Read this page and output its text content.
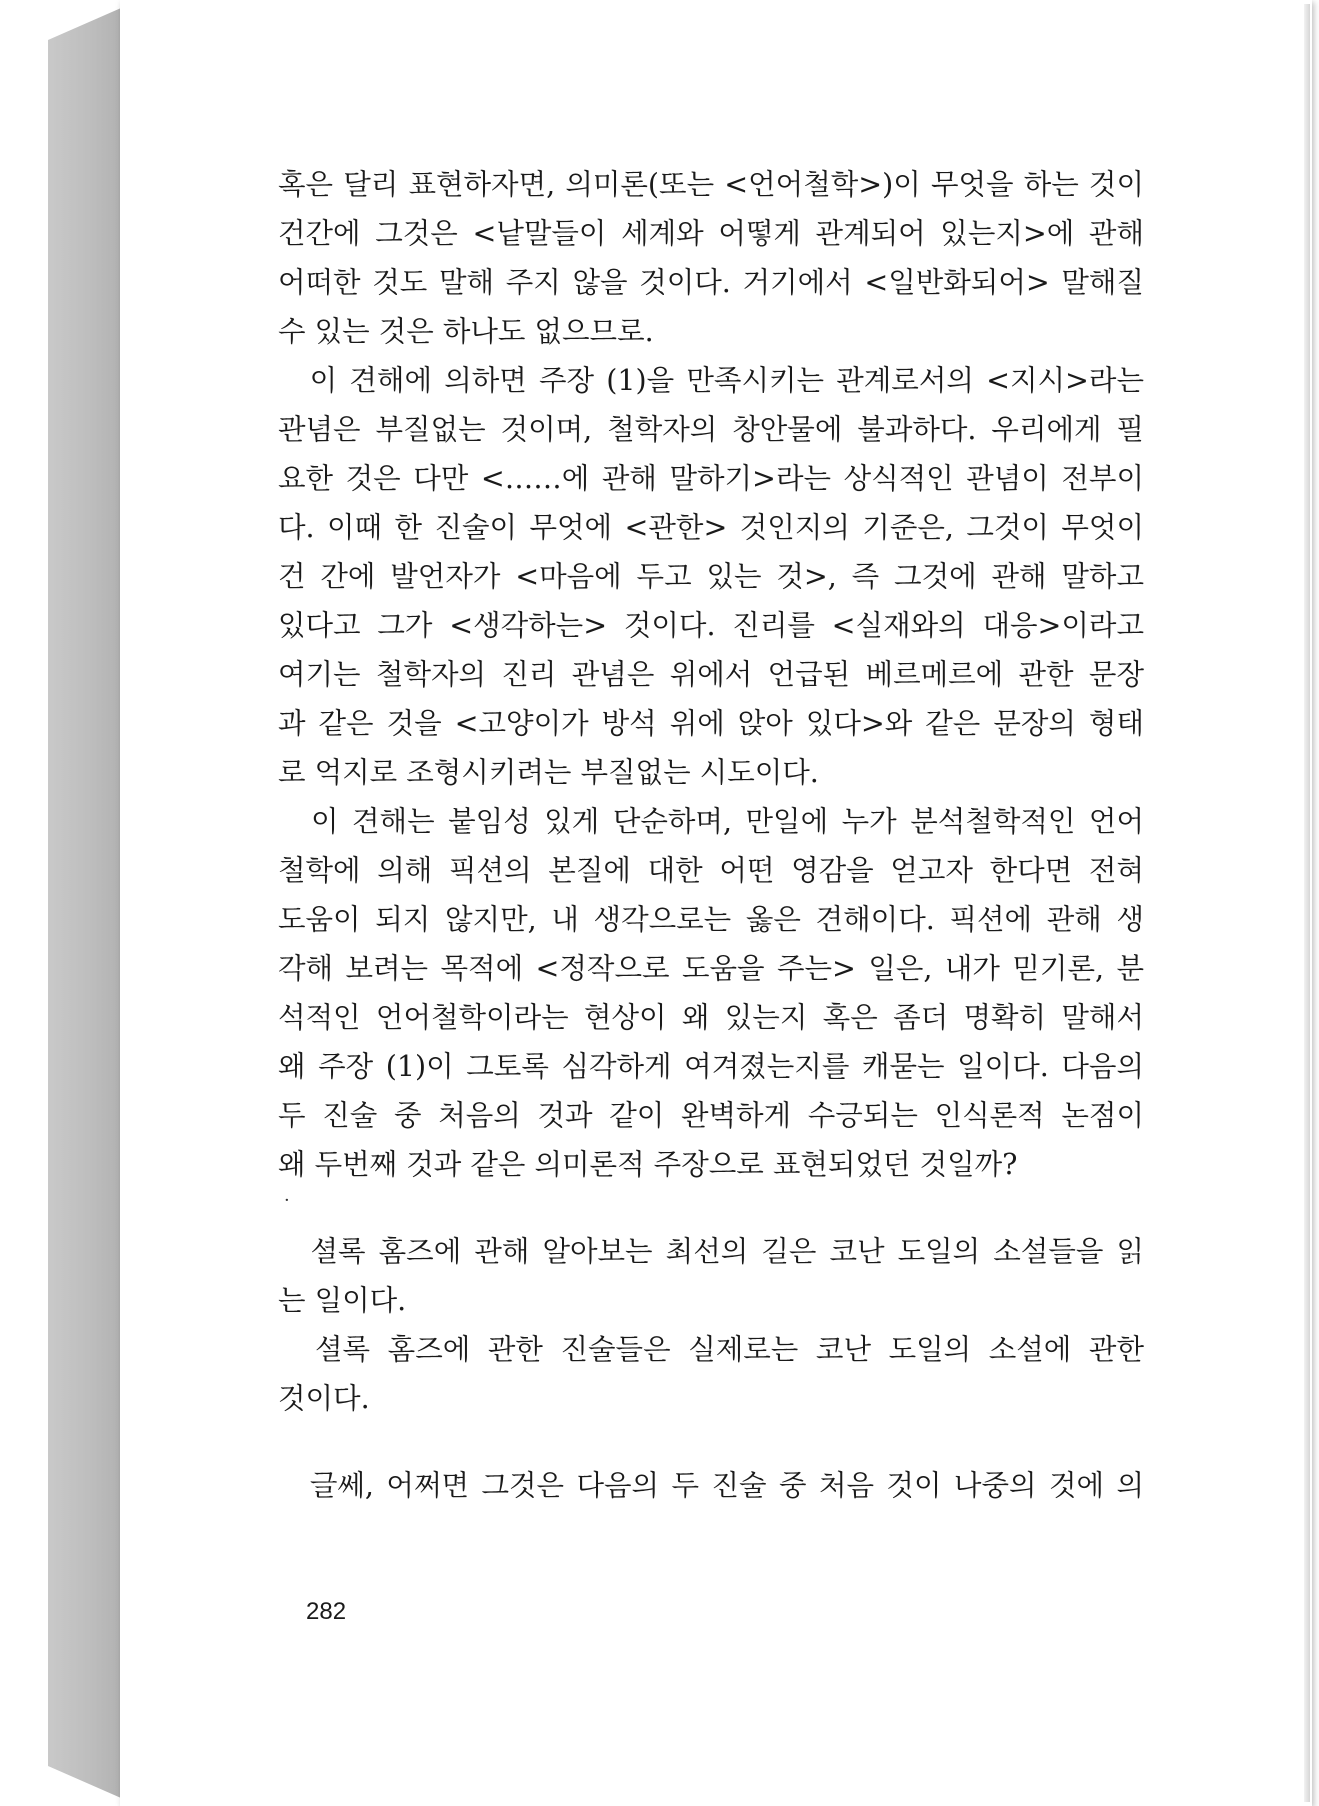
혹은 달리 표현하자면, 의미론(또는 <언어철학>)이 무엇을 하는 것이
건간에 그것은 <낱말들이 세계와 어떻게 관계되어 있는지>에 관해
어떠한 것도 말해 주지 않을 것이다. 거기에서 <일반화되어> 말해질
수 있는 것은 하나도 없으므로.
　이 견해에 의하면 주장 (1)을 만족시키는 관계로서의 <지시>라는
관념은 부질없는 것이며, 철학자의 창안물에 불과하다. 우리에게 필
요한 것은 다만 <……에 관해 말하기>라는 상식적인 관념이 전부이
다. 이때 한 진술이 무엇에 <관한> 것인지의 기준은, 그것이 무엇이
건 간에 발언자가 <마음에 두고 있는 것>, 즉 그것에 관해 말하고
있다고 그가 <생각하는> 것이다. 진리를 <실재와의 대응>이라고
여기는 철학자의 진리 관념은 위에서 언급된 베르메르에 관한 문장
과 같은 것을 <고양이가 방석 위에 앉아 있다>와 같은 문장의 형태
로 억지로 조형시키려는 부질없는 시도이다.
　이 견해는 붙임성 있게 단순하며, 만일에 누가 분석철학적인 언어
철학에 의해 픽션의 본질에 대한 어떤 영감을 얻고자 한다면 전혀
도움이 되지 않지만, 내 생각으로는 옳은 견해이다. 픽션에 관해 생
각해 보려는 목적에 <정작으로 도움을 주는> 일은, 내가 믿기론, 분
석적인 언어철학이라는 현상이 왜 있는지 혹은 좀더 명확히 말해서
왜 주장 (1)이 그토록 심각하게 여겨졌는지를 캐묻는 일이다. 다음의
두 진술 중 처음의 것과 같이 완벽하게 수긍되는 인식론적 논점이
왜 두번째 것과 같은 의미론적 주장으로 표현되었던 것일까?
　셜록 홈즈에 관해 알아보는 최선의 길은 코난 도일의 소설들을 읽
는 일이다.
　셜록 홈즈에 관한 진술들은 실제로는 코난 도일의 소설에 관한
것이다.
　글쎄, 어쩌면 그것은 다음의 두 진술 중 처음 것이 나중의 것에 의
·
282
